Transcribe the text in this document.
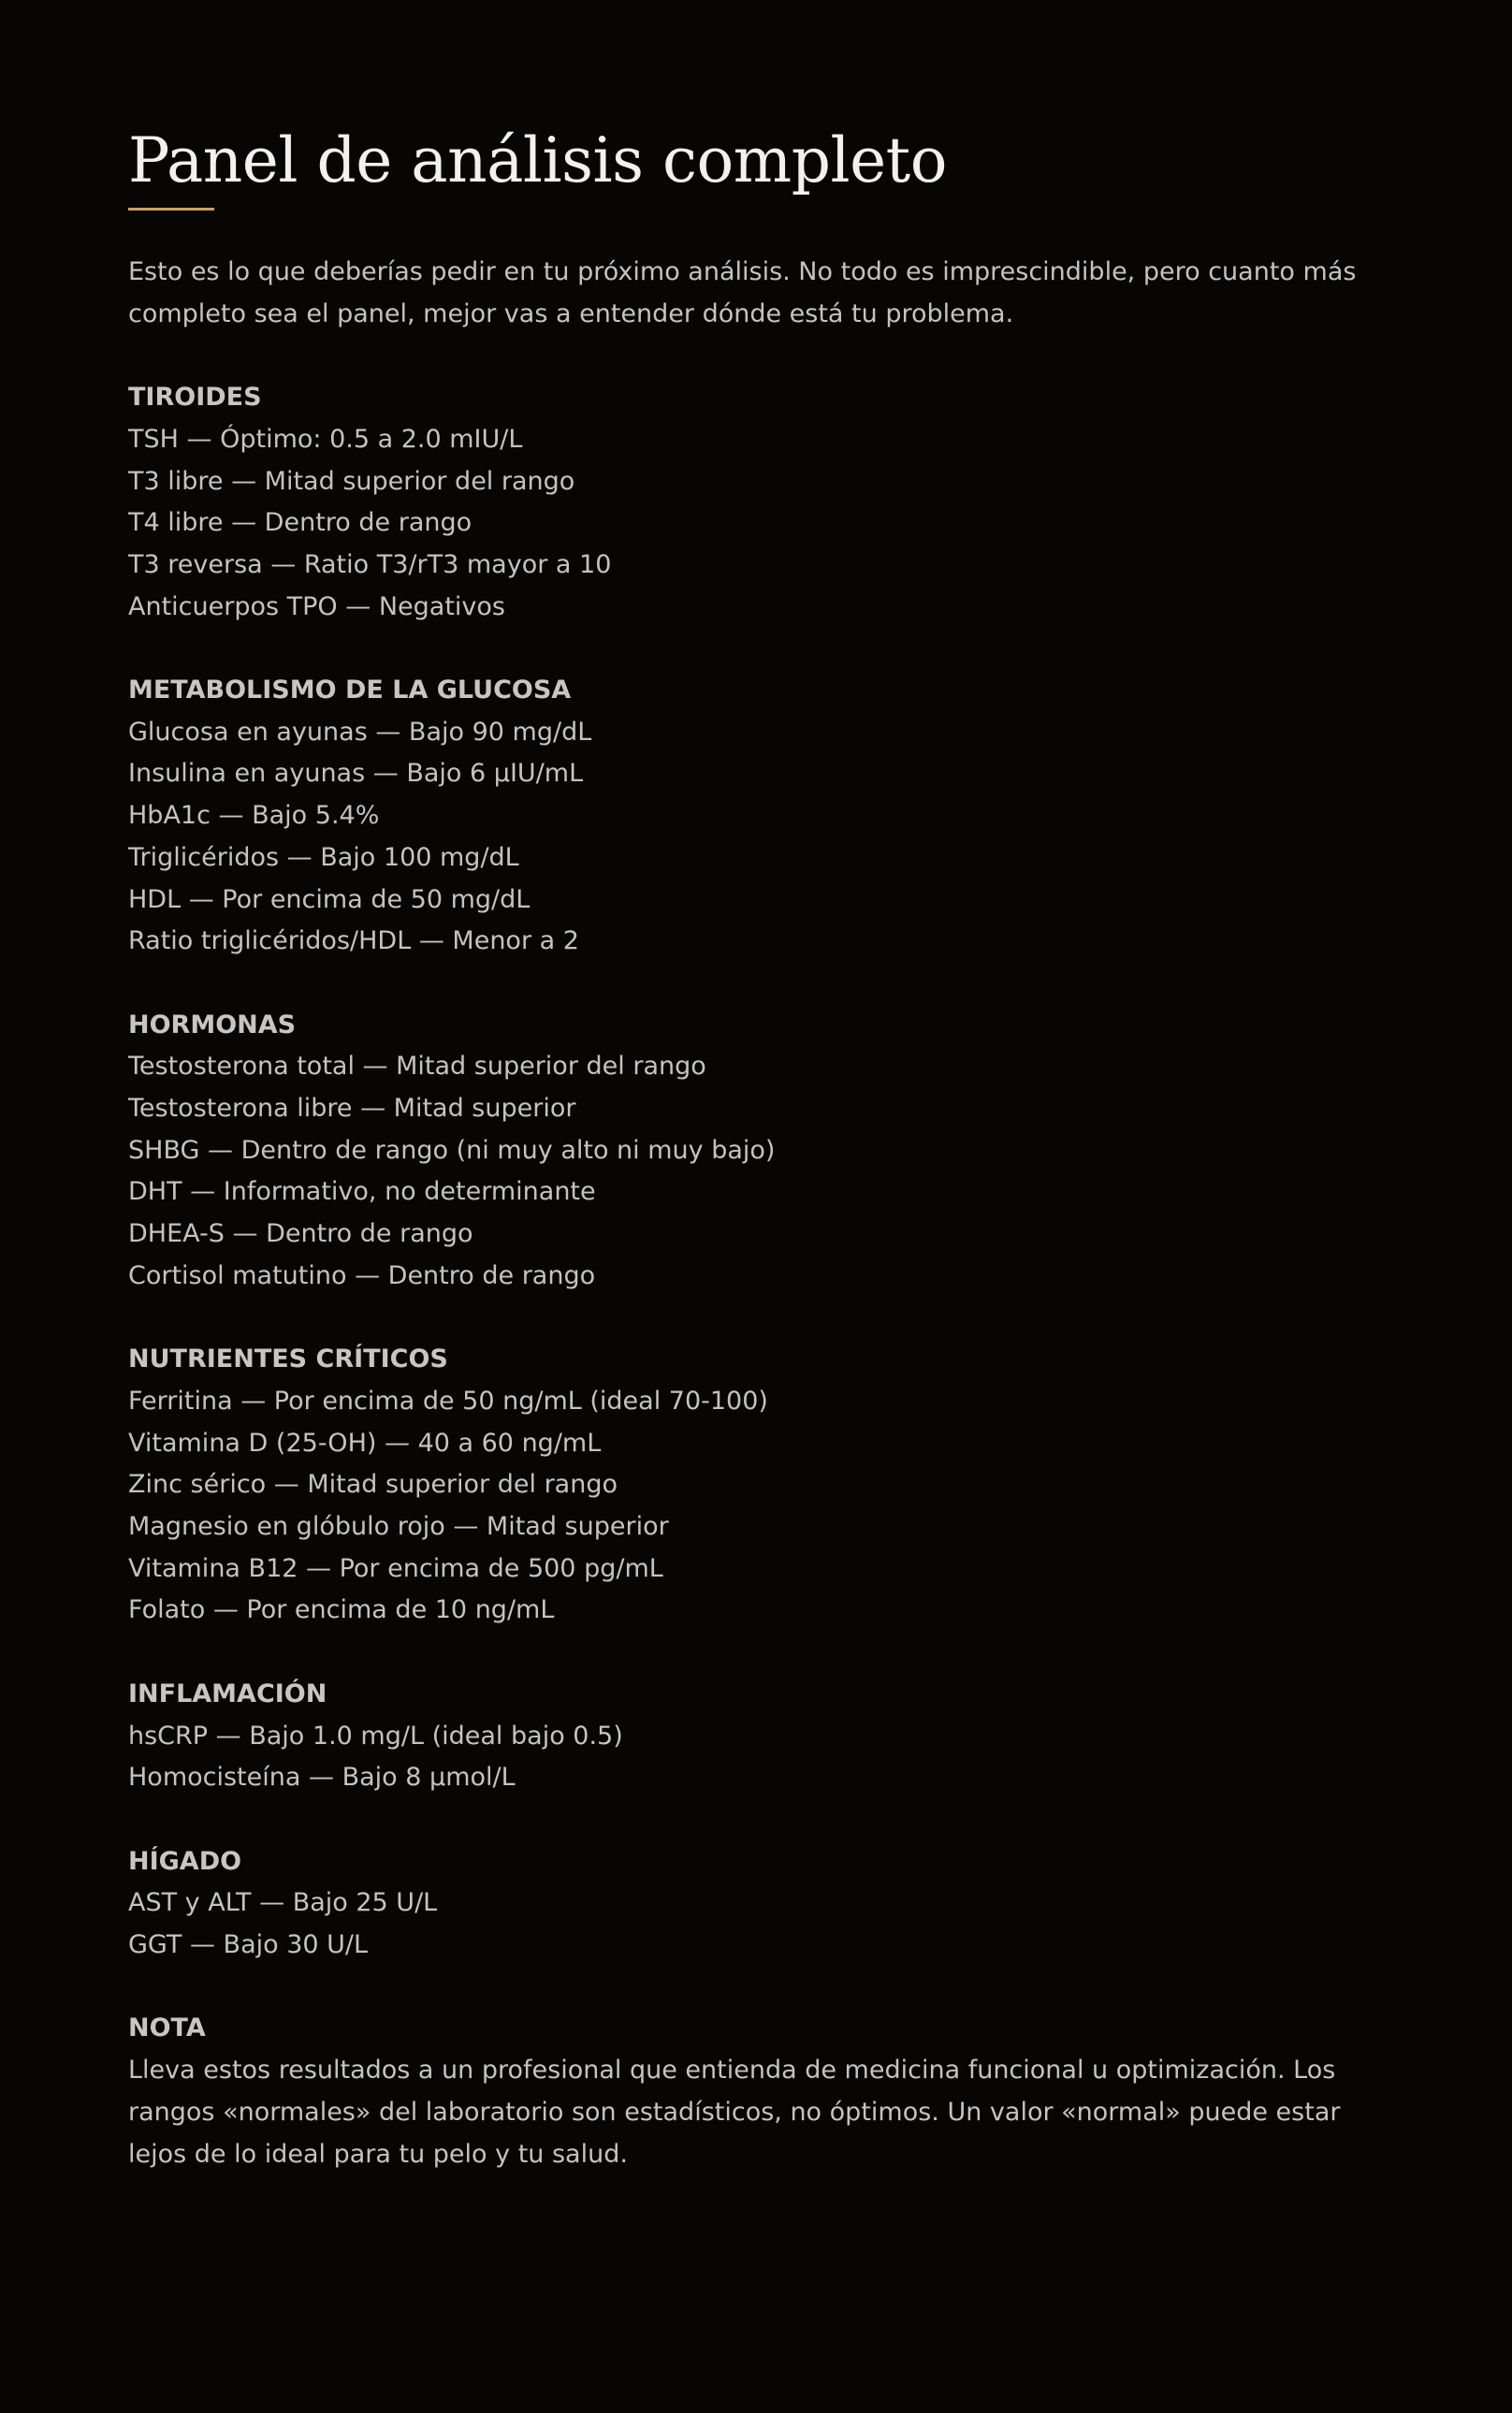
Panel de análisis completo

Esto es lo que deberías pedir en tu próximo análisis. No todo es imprescindible, pero cuanto más completo sea el panel, mejor vas a entender dónde está tu problema.

TIROIDES
TSH — Óptimo: 0.5 a 2.0 mIU/L
T3 libre — Mitad superior del rango
T4 libre — Dentro de rango
T3 reversa — Ratio T3/rT3 mayor a 10
Anticuerpos TPO — Negativos
METABOLISMO DE LA GLUCOSA
Glucosa en ayunas — Bajo 90 mg/dL
Insulina en ayunas — Bajo 6 µIU/mL
HbA1c — Bajo 5.4%
Triglicéridos — Bajo 100 mg/dL
HDL — Por encima de 50 mg/dL
Ratio triglicéridos/HDL — Menor a 2
HORMONAS
Testosterona total — Mitad superior del rango
Testosterona libre — Mitad superior
SHBG — Dentro de rango (ni muy alto ni muy bajo)
DHT — Informativo, no determinante
DHEA-S — Dentro de rango
Cortisol matutino — Dentro de rango
NUTRIENTES CRÍTICOS
Ferritina — Por encima de 50 ng/mL (ideal 70-100)
Vitamina D (25-OH) — 40 a 60 ng/mL
Zinc sérico — Mitad superior del rango
Magnesio en glóbulo rojo — Mitad superior
Vitamina B12 — Por encima de 500 pg/mL
Folato — Por encima de 10 ng/mL
INFLAMACIÓN
hsCRP — Bajo 1.0 mg/L (ideal bajo 0.5)
Homocisteína — Bajo 8 µmol/L
HÍGADO
AST y ALT — Bajo 25 U/L
GGT — Bajo 30 U/L
NOTA

Lleva estos resultados a un profesional que entienda de medicina funcional u optimización. Los rangos «normales» del laboratorio son estadísticos, no óptimos. Un valor «normal» puede estar lejos de lo ideal para tu pelo y tu salud.
